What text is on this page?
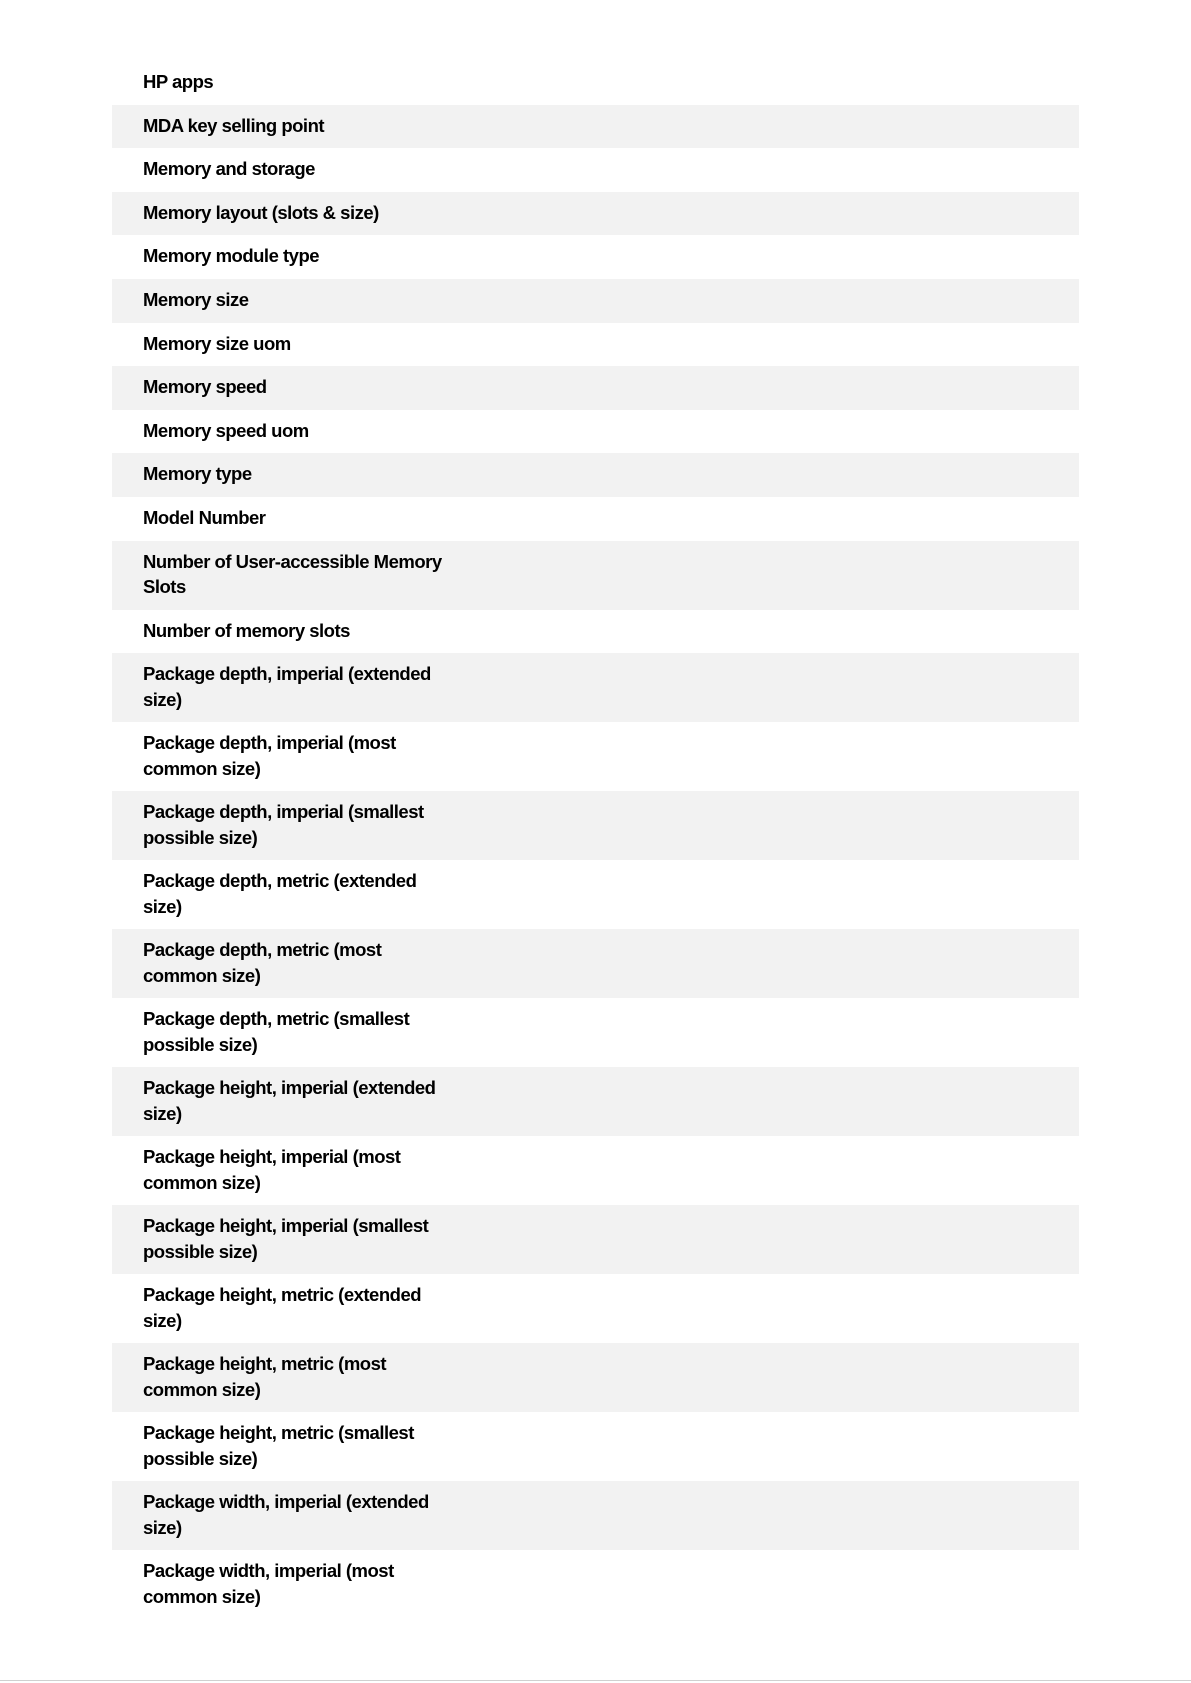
HP apps
MDA key selling point
Memory and storage
Memory layout (slots & size)
Memory module type
Memory size
Memory size uom
Memory speed
Memory speed uom
Memory type
Model Number
Number of User-accessible Memory Slots
Number of memory slots
Package depth, imperial (extended size)
Package depth, imperial (most common size)
Package depth, imperial (smallest possible size)
Package depth, metric (extended size)
Package depth, metric (most common size)
Package depth, metric (smallest possible size)
Package height, imperial (extended size)
Package height, imperial (most common size)
Package height, imperial (smallest possible size)
Package height, metric (extended size)
Package height, metric (most common size)
Package height, metric (smallest possible size)
Package width, imperial (extended size)
Package width, imperial (most common size)
